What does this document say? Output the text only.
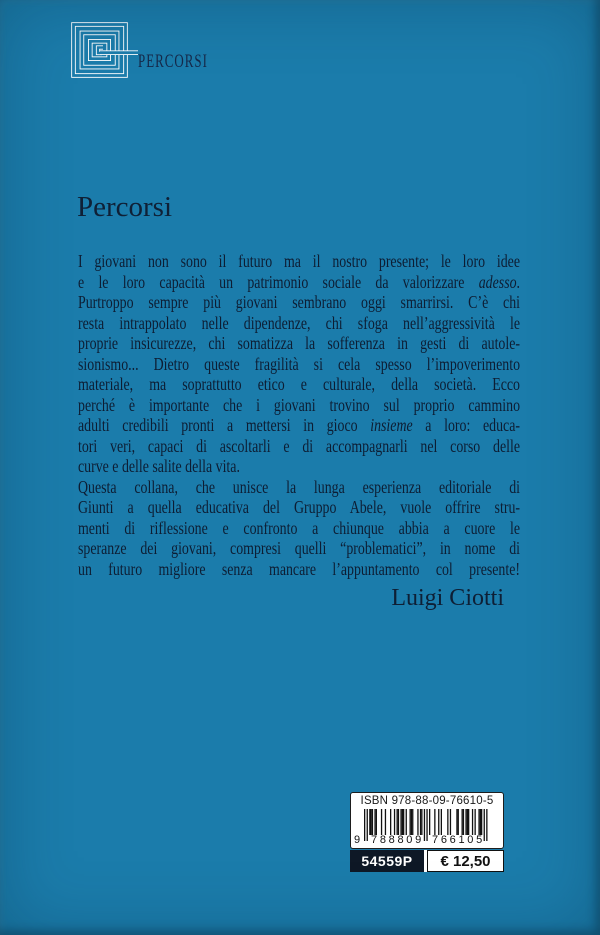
PERCORSI
Percorsi
I giovani non sono il futuro ma il nostro presente; le loro idee
e le loro capacità un patrimonio sociale da valorizzare adesso.
Purtroppo sempre più giovani sembrano oggi smarrirsi. C’è chi
resta intrappolato nelle dipendenze, chi sfoga nell’aggressività le
proprie insicurezze, chi somatizza la sofferenza in gesti di autole-
sionismo... Dietro queste fragilità si cela spesso l’impoverimento
materiale, ma soprattutto etico e culturale, della società. Ecco
perché è importante che i giovani trovino sul proprio cammino
adulti credibili pronti a mettersi in gioco insieme a loro: educa-
tori veri, capaci di ascoltarli e di accompagnarli nel corso delle
curve e delle salite della vita.
Questa collana, che unisce la lunga esperienza editoriale di
Giunti a quella educativa del Gruppo Abele, vuole offrire stru-
menti di riflessione e confronto a chiunque abbia a cuore le
speranze dei giovani, compresi quelli “problematici”, in nome di
un futuro migliore senza mancare l’appuntamento col presente!
Luigi Ciotti
ISBN 978-88-09-76610-5
9 788809 766105
54559P	€ 12,50
